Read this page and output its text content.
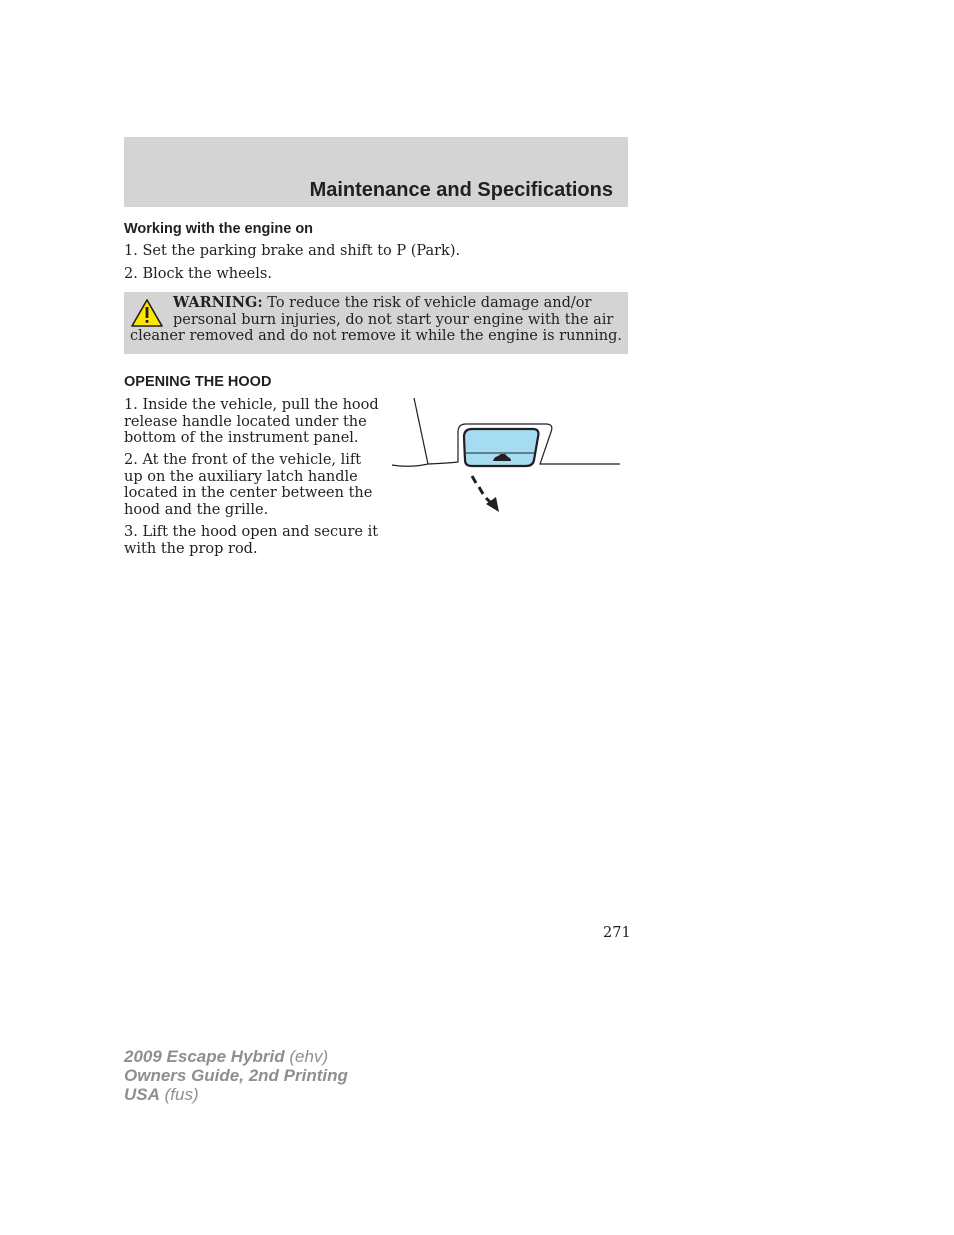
Maintenance and Specifications
Working with the engine on
1. Set the parking brake and shift to P (Park).
2. Block the wheels.
WARNING: To reduce the risk of vehicle damage and/or personal burn injuries, do not start your engine with the air cleaner removed and do not remove it while the engine is running.
OPENING THE HOOD
1. Inside the vehicle, pull the hood release handle located under the bottom of the instrument panel.
2. At the front of the vehicle, lift up on the auxiliary latch handle located in the center between the hood and the grille.
3. Lift the hood open and secure it with the prop rod.
271
2009 Escape Hybrid (ehv)
Owners Guide, 2nd Printing
USA (fus)
